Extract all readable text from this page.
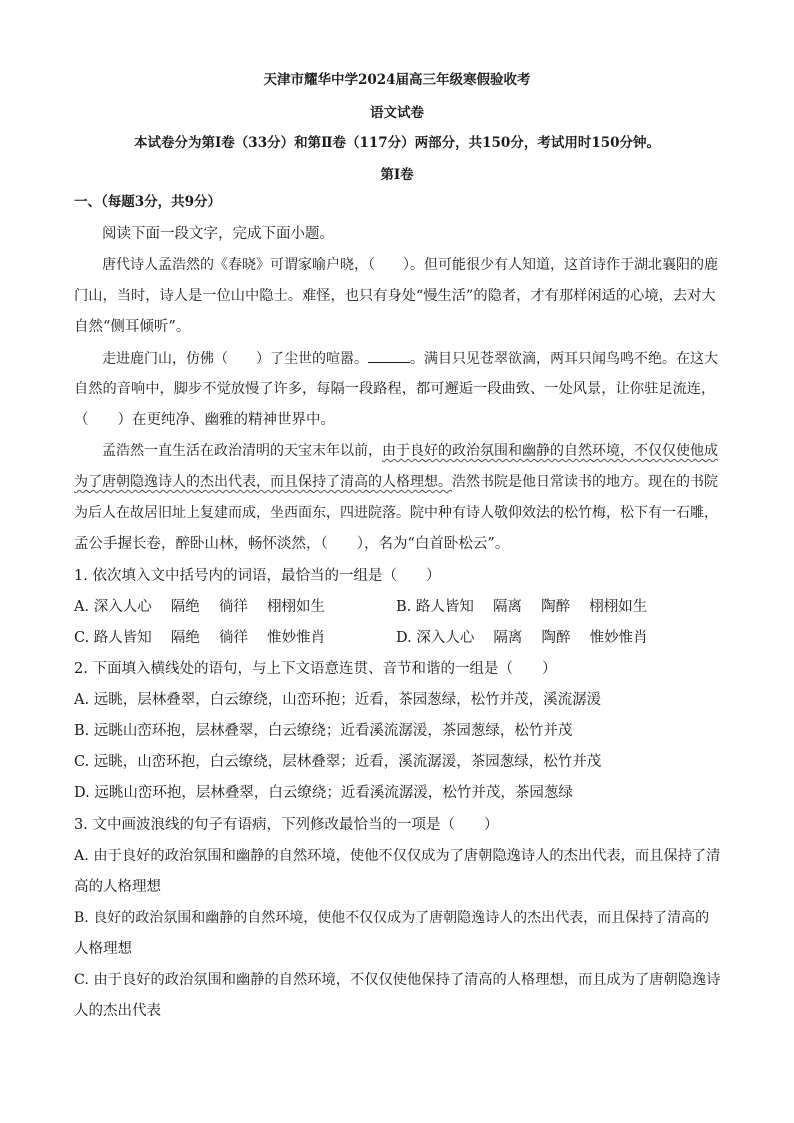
天津市耀华中学2024届高三年级寒假验收考
语文试卷
本试卷分为第Ⅰ卷（33分）和第Ⅱ卷（117分）两部分，共150分，考试用时150分钟。
第Ⅰ卷
一、（每题3分，共9分）
阅读下面一段文字，完成下面小题。
唐代诗人孟浩然的《春晓》可谓家喻户晓，（　　）。但可能很少有人知道，这首诗作于湖北襄阳的鹿
门山，当时，诗人是一位山中隐士。难怪，也只有身处“慢生活”的隐者，才有那样闲适的心境，去对大
自然“侧耳倾听”。
走进鹿门山，仿佛（　　）了尘世的喧嚣。	。满目只见苍翠欲滴，两耳只闻鸟鸣不绝。在这大
自然的音响中，脚步不觉放慢了许多，每隔一段路程，都可邂逅一段曲致、一处风景，让你驻足流连，
（　　）在更纯净、幽雅的精神世界中。
孟浩然一直生活在政治清明的天宝末年以前，由于良好的政治氛围和幽静的自然环境，不仅仅使他成
为了唐朝隐逸诗人的杰出代表，而且保持了清高的人格理想。浩然书院是他日常读书的地方。现在的书院
为后人在故居旧址上复建而成，坐西面东，四进院落。院中种有诗人敬仰效法的松竹梅，松下有一石雕，
孟公手握长卷，醉卧山林，畅怀淡然，（　　），名为“白首卧松云”。
1. 依次填入文中括号内的词语，最恰当的一组是（　　）
A. 深入人心　 隔绝　 徜徉　 栩栩如生	B. 路人皆知　 隔离　 陶醉　 栩栩如生
C. 路人皆知　 隔绝　 徜徉　 惟妙惟肖	D. 深入人心　 隔离　 陶醉　 惟妙惟肖
2. 下面填入横线处的语句，与上下文语意连贯、音节和谐的一组是（　　）
A. 远眺，层林叠翠，白云缭绕，山峦环抱；近看，茶园葱绿，松竹并茂，溪流潺湲
B. 远眺山峦环抱，层林叠翠，白云缭绕；近看溪流潺湲，茶园葱绿，松竹并茂
C. 远眺，山峦环抱，白云缭绕，层林叠翠；近看，溪流潺湲，茶园葱绿，松竹并茂
D. 远眺山峦环抱，层林叠翠，白云缭绕；近看溪流潺湲，松竹并茂，茶园葱绿
3. 文中画波浪线的句子有语病，下列修改最恰当的一项是（　　）
A. 由于良好的政治氛围和幽静的自然环境，使他不仅仅成为了唐朝隐逸诗人的杰出代表，而且保持了清
高的人格理想
B. 良好的政治氛围和幽静的自然环境，使他不仅仅成为了唐朝隐逸诗人的杰出代表，而且保持了清高的
人格理想
C. 由于良好的政治氛围和幽静的自然环境，不仅仅使他保持了清高的人格理想，而且成为了唐朝隐逸诗
人的杰出代表
